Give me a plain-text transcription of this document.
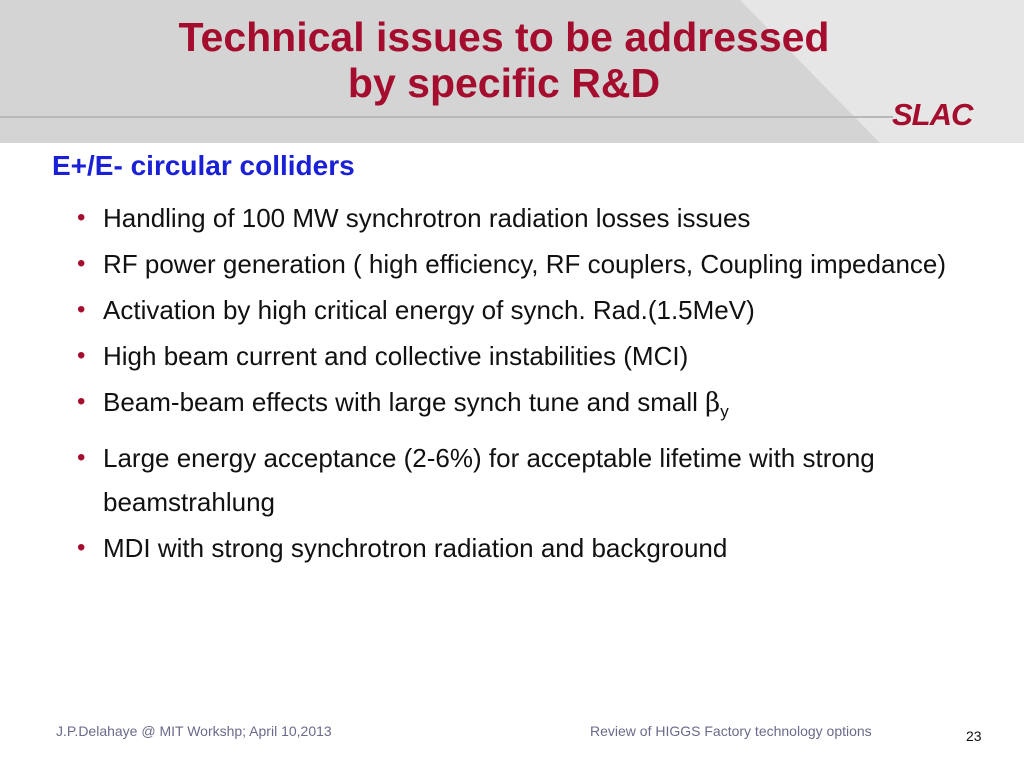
Technical issues to be addressed
by specific R&D
SLAC
E+/E- circular colliders
• Handling of 100 MW synchrotron radiation losses issues
• RF power generation ( high efficiency, RF couplers, Coupling impedance)
• Activation by high critical energy of synch. Rad.(1.5MeV)
• High beam current and collective instabilities (MCI)
• Beam-beam effects with large synch tune and small $\beta_y$
• Large energy acceptance (2-6%) for acceptable lifetime with strong beamstrahlung
• MDI with strong synchrotron radiation and background
J.P.Delahaye @ MIT Workshp; April 10,2013	Review of HIGGS Factory technology options	23
